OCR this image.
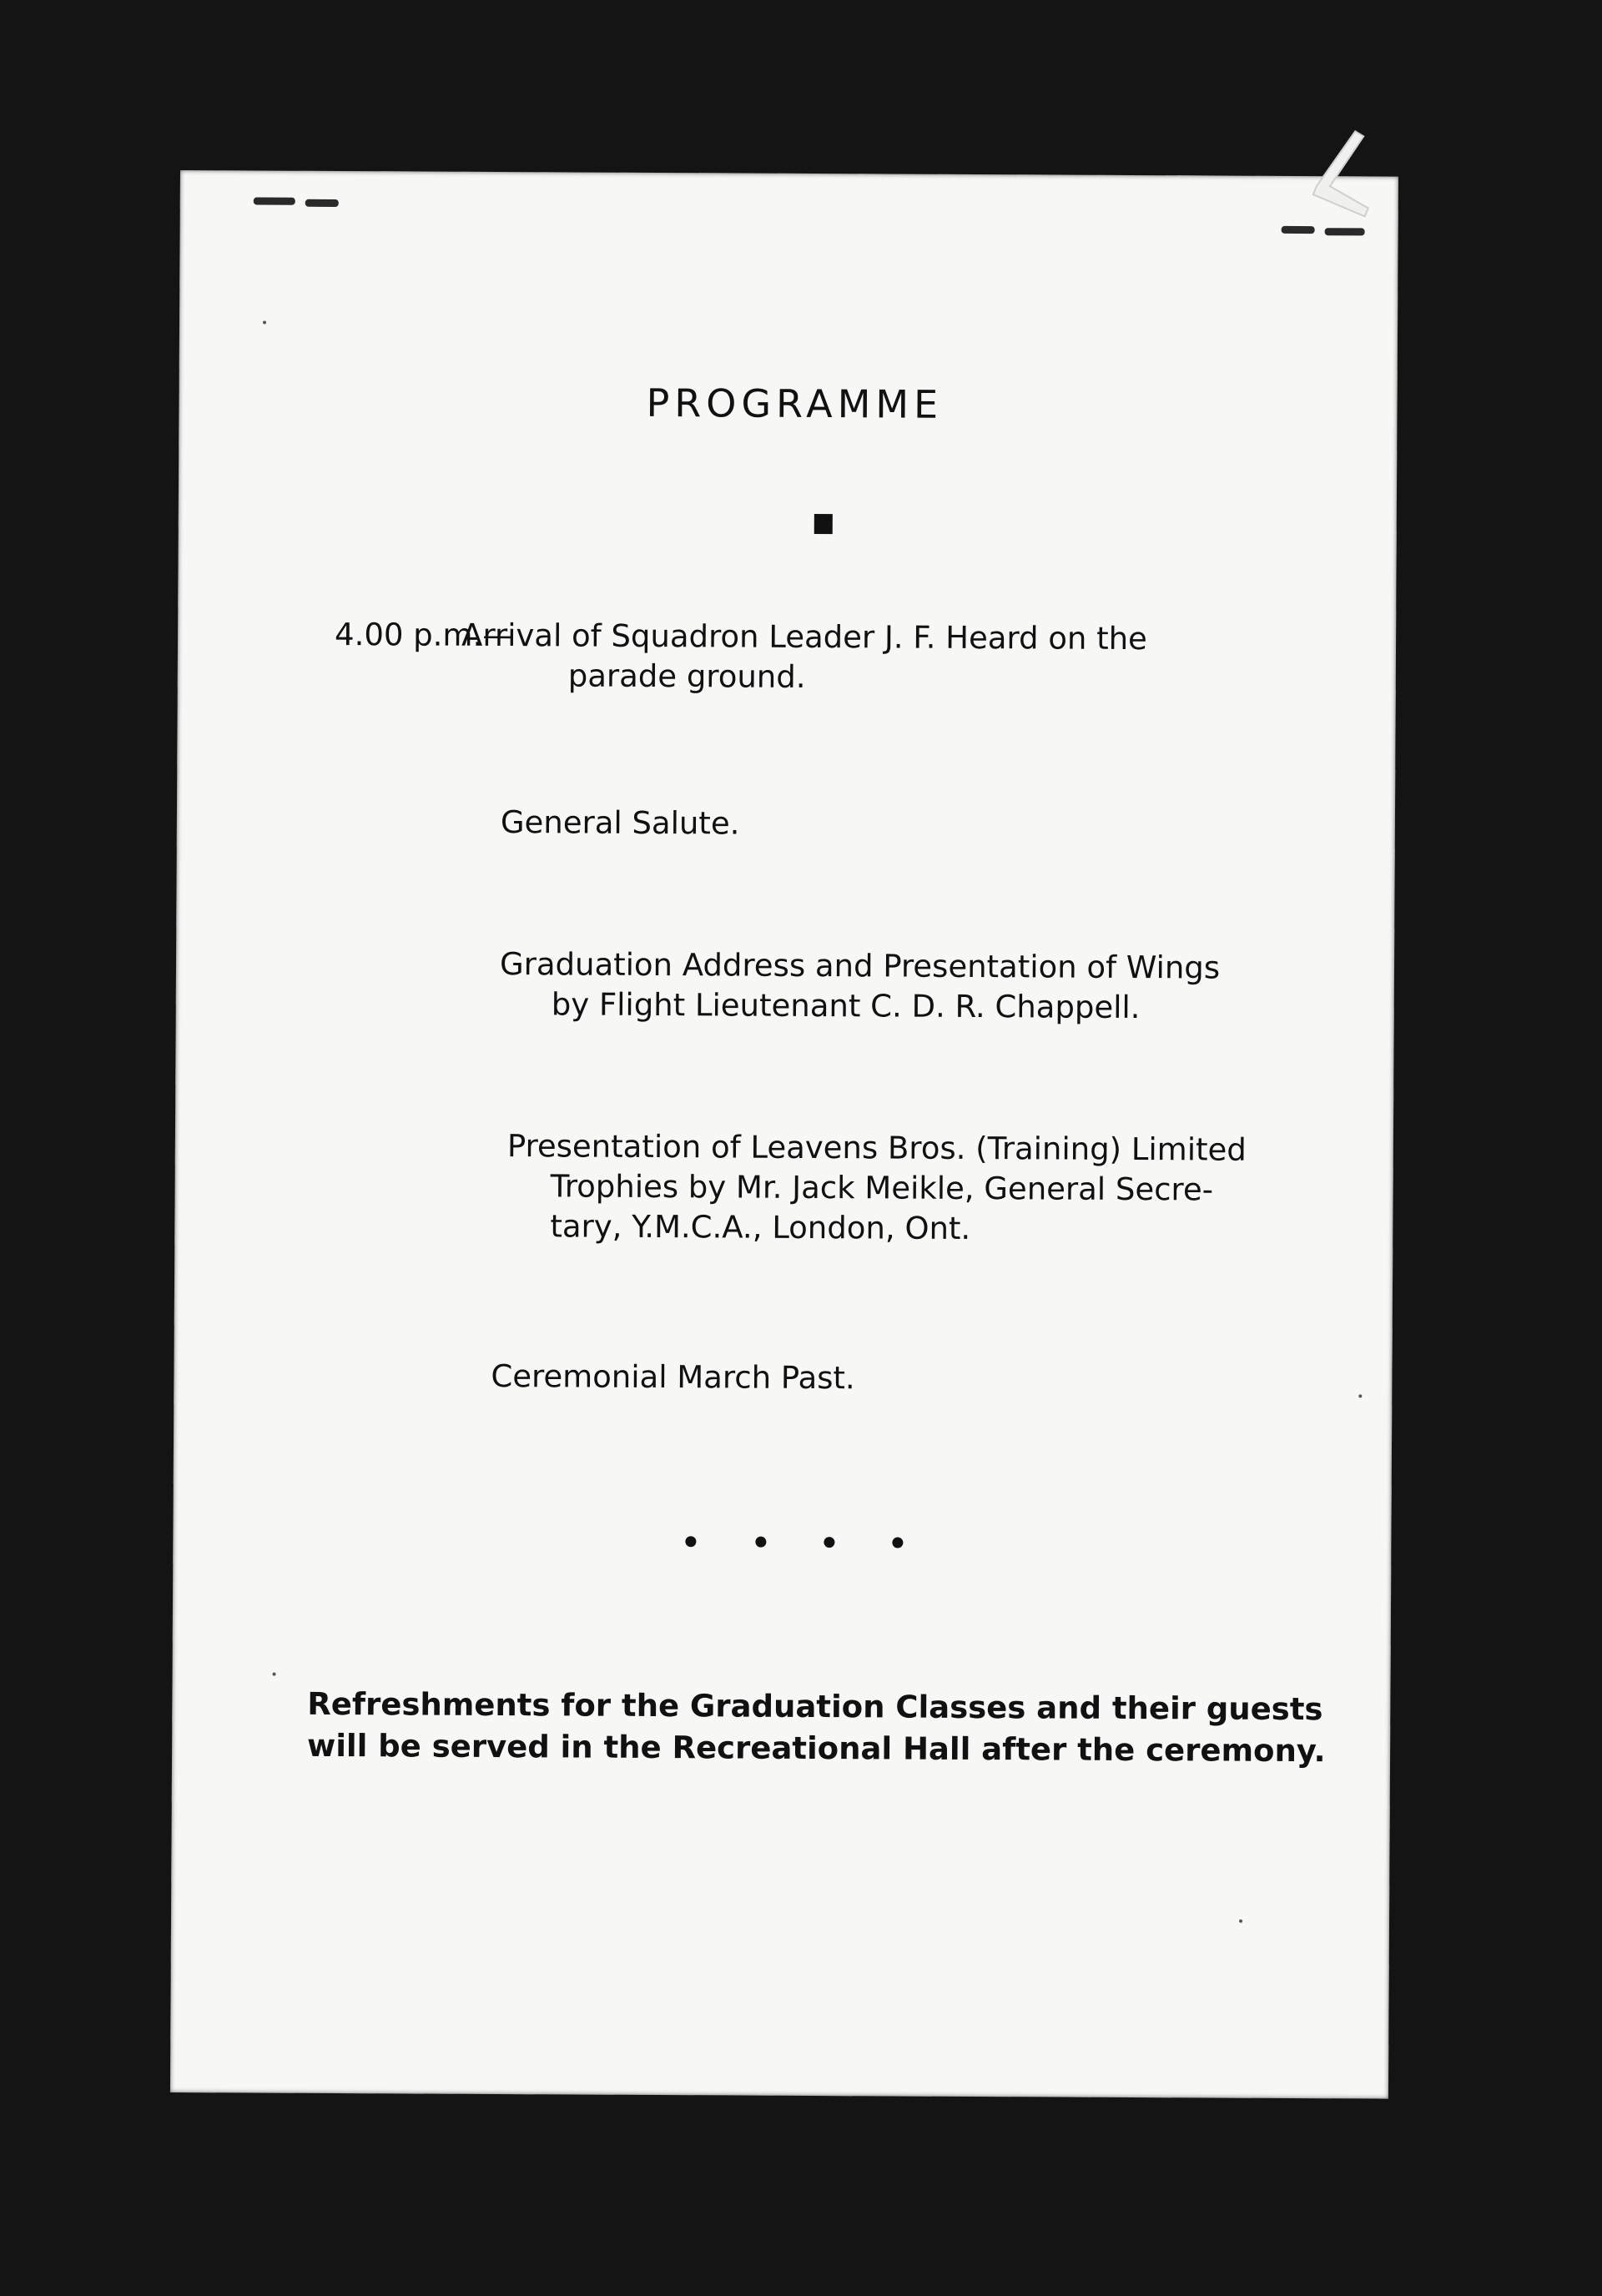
PROGRAMME
4.00 p.m.—
Arrival of Squadron Leader J. F. Heard on the
parade ground.
General Salute.
Graduation Address and Presentation of Wings
by Flight Lieutenant C. D. R. Chappell.
Presentation of Leavens Bros. (Training) Limited
Trophies by Mr. Jack Meikle, General Secre-
tary, Y.M.C.A., London, Ont.
Ceremonial March Past.
Refreshments for the Graduation Classes and their guests
will be served in the Recreational Hall after the ceremony.
